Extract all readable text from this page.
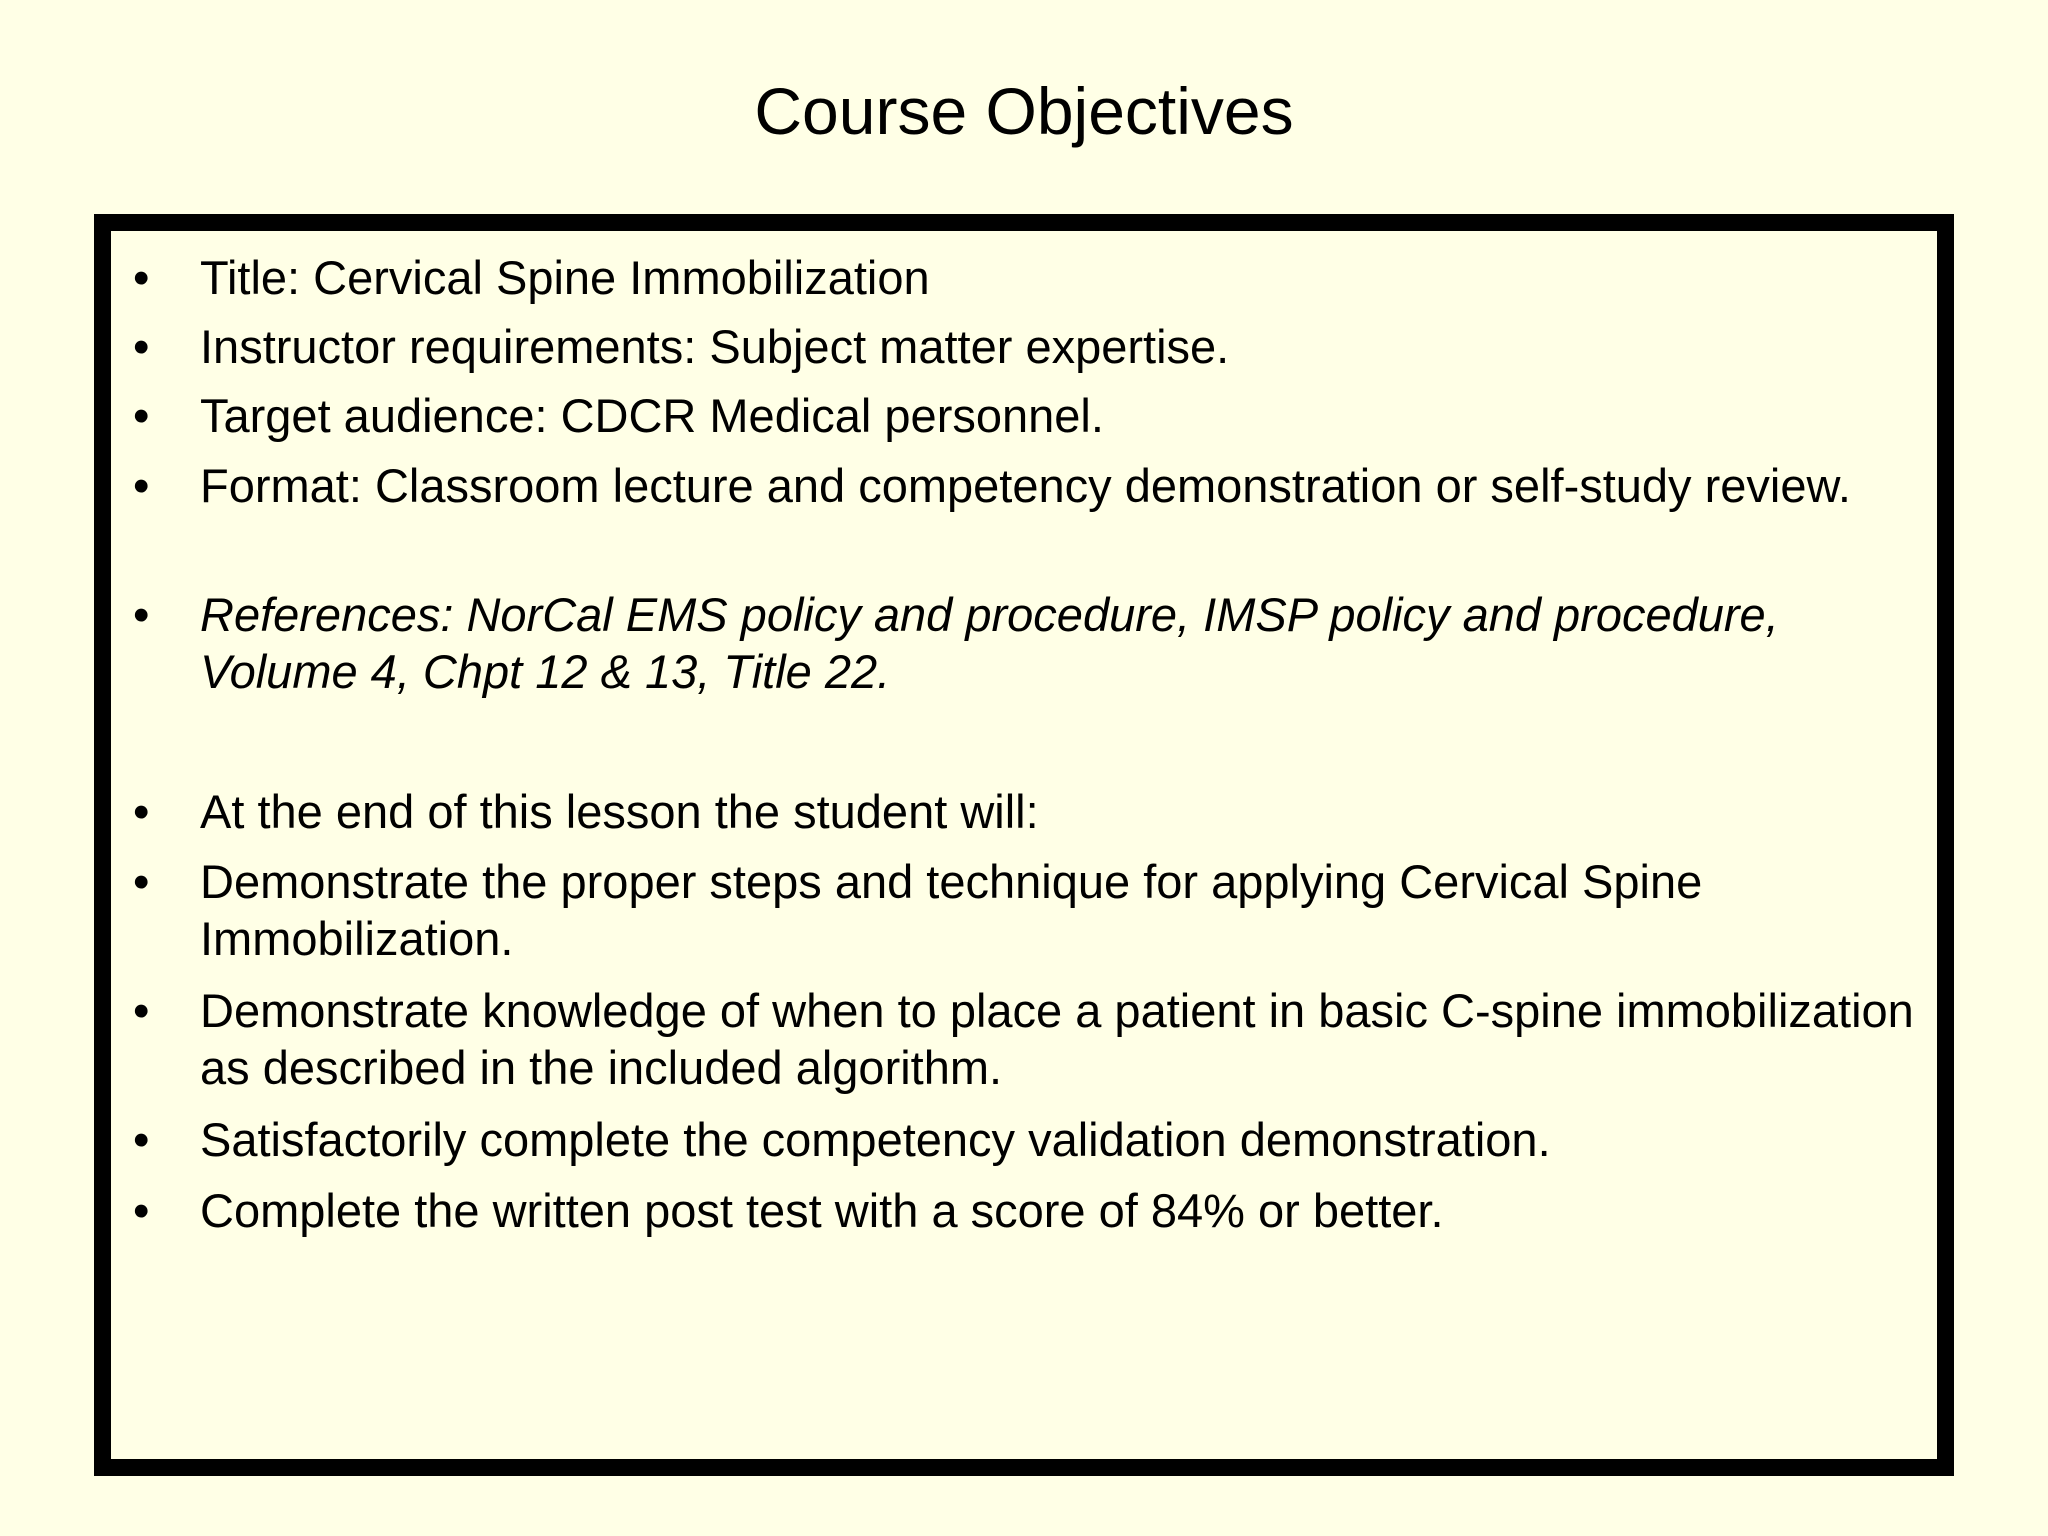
Course Objectives
• Title: Cervical Spine Immobilization
• Instructor requirements: Subject matter expertise.
• Target audience: CDCR Medical personnel.
• Format: Classroom lecture and competency demonstration or self-study review.
• References: NorCal EMS policy and procedure, IMSP policy and procedure, Volume 4, Chpt 12 & 13, Title 22.
• At the end of this lesson the student will:
• Demonstrate the proper steps and technique for applying Cervical Spine Immobilization.
• Demonstrate knowledge of when to place a patient in basic C-spine immobilization as described in the included algorithm.
• Satisfactorily complete the competency validation demonstration.
• Complete the written post test with a score of 84% or better.
